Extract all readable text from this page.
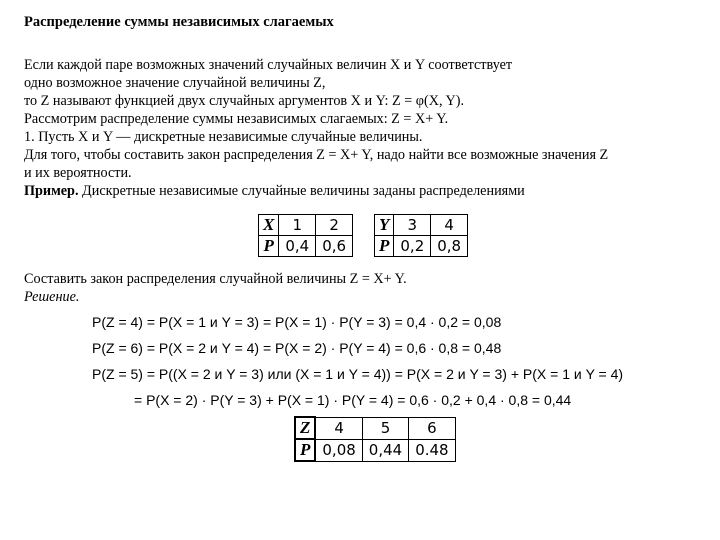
Распределение суммы независимых слагаемых
Если каждой паре возможных значений случайных величин X и Y соответствует
одно возможное значение случайной величины Z,
то Z называют функцией двух случайных аргументов X и Y: Z = φ(X, Y).
Рассмотрим распределение суммы независимых слагаемых: Z = X+ Y.
1. Пусть X и Y — дискретные независимые случайные величины.
Для того, чтобы составить закон распределения Z = X+ Y, надо найти все возможные значения Z
и их вероятности.
Пример. Дискретные независимые случайные величины заданы распределениями
X	1	2
P	0,4	0,6
Y	3	4
P	0,2	0,8
Составить закон распределения случайной величины Z = X+ Y.
Решение.
P(Z = 4) = P(X = 1 и Y = 3) = P(X = 1) · P(Y = 3) = 0,4 · 0,2 = 0,08
P(Z = 6) = P(X = 2 и Y = 4) = P(X = 2) · P(Y = 4) = 0,6 · 0,8 = 0,48
P(Z = 5) = P((X = 2 и Y = 3) или (X = 1 и Y = 4)) = P(X = 2 и Y = 3) + P(X = 1 и Y = 4)
= P(X = 2) · P(Y = 3) + P(X = 1) · P(Y = 4) = 0,6 · 0,2 + 0,4 · 0,8 = 0,44
Z	4	5	6
P	0,08	0,44	0.48
